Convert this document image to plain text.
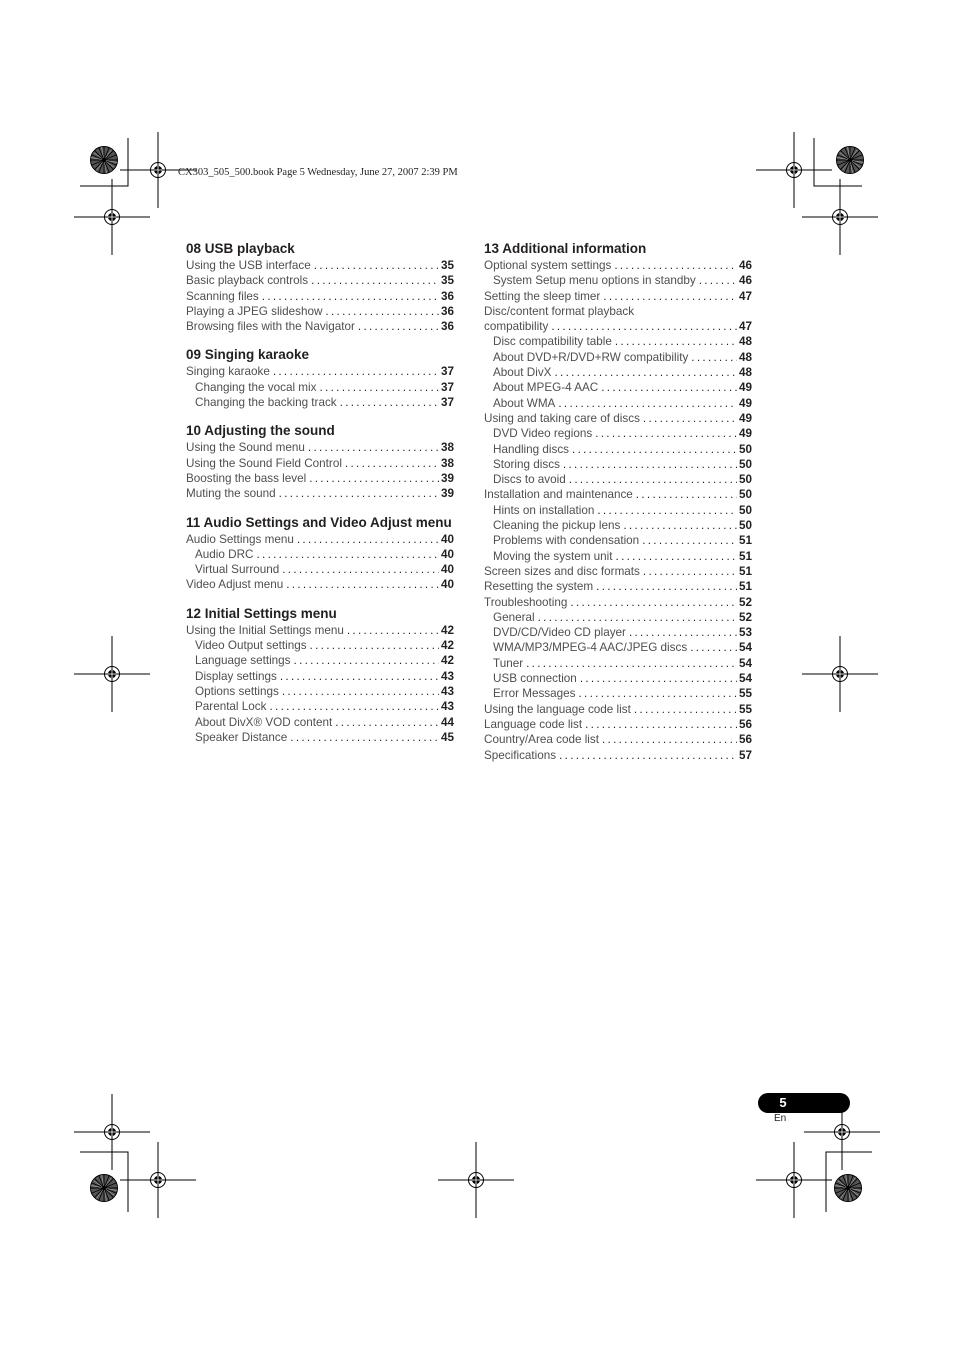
CX303_505_500.book Page 5 Wednesday, June 27, 2007 2:39 PM
08 USB playback
Using the USB interface .....	35
Basic playback controls .....	35
Scanning files .....	36
Playing a JPEG slideshow .....	36
Browsing files with the Navigator .....	36
09 Singing karaoke
Singing karaoke .....	37
Changing the vocal mix .....	37
Changing the backing track .....	37
10 Adjusting the sound
Using the Sound menu .....	38
Using the Sound Field Control .....	38
Boosting the bass level .....	39
Muting the sound .....	39
11 Audio Settings and Video Adjust menu
Audio Settings menu .....	40
Audio DRC .....	40
Virtual Surround .....	40
Video Adjust menu .....	40
12 Initial Settings menu
Using the Initial Settings menu .....	42
Video Output settings .....	42
Language settings .....	42
Display settings .....	43
Options settings .....	43
Parental Lock .....	43
About DivX® VOD content .....	44
Speaker Distance .....	45
13 Additional information
Optional system settings .....	46
System Setup menu options in standby .....	46
Setting the sleep timer .....	47
Disc/content format playback
compatibility .....	47
Disc compatibility table .....	48
About DVD+R/DVD+RW compatibility .....	48
About DivX .....	48
About MPEG-4 AAC .....	49
About WMA .....	49
Using and taking care of discs .....	49
DVD Video regions .....	49
Handling discs .....	50
Storing discs .....	50
Discs to avoid .....	50
Installation and maintenance .....	50
Hints on installation .....	50
Cleaning the pickup lens .....	50
Problems with condensation .....	51
Moving the system unit .....	51
Screen sizes and disc formats .....	51
Resetting the system .....	51
Troubleshooting .....	52
General .....	52
DVD/CD/Video CD player .....	53
WMA/MP3/MPEG-4 AAC/JPEG discs .....	54
Tuner .....	54
USB connection .....	54
Error Messages .....	55
Using the language code list .....	55
Language code list .....	56
Country/Area code list .....	56
Specifications .....	57
5
En
